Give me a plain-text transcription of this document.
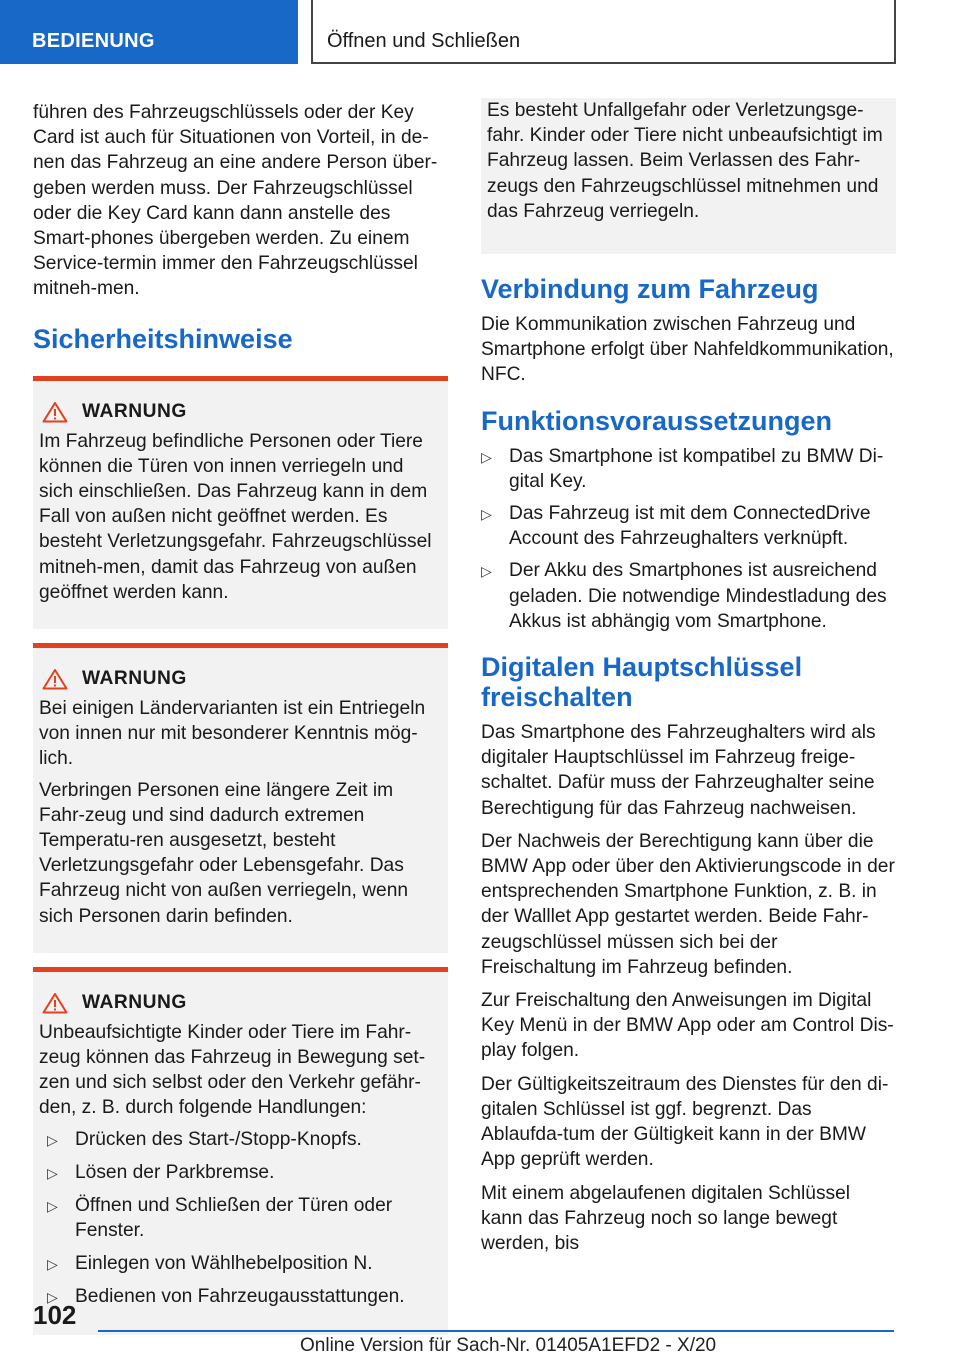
BEDIENUNG	Öffnen und Schließen

führen des Fahrzeugschlüssels oder der Key Card ist auch für Situationen von Vorteil, in de-nen das Fahrzeug an eine andere Person über-geben werden muss. Der Fahrzeugschlüssel oder die Key Card kann dann anstelle des Smart-phones übergeben werden. Zu einem Service-termin immer den Fahrzeugschlüssel mitneh-men.

Sicherheitshinweise
WARNUNG

Im Fahrzeug befindliche Personen oder Tiere können die Türen von innen verriegeln und sich einschließen. Das Fahrzeug kann in dem Fall von außen nicht geöffnet werden. Es besteht Verletzungsgefahr. Fahrzeugschlüssel mitneh-men, damit das Fahrzeug von außen geöffnet werden kann.

WARNUNG

Bei einigen Ländervarianten ist ein Entriegeln von innen nur mit besonderer Kenntnis mög-lich.

Verbringen Personen eine längere Zeit im Fahr-zeug und sind dadurch extremen Temperatu-ren ausgesetzt, besteht Verletzungsgefahr oder Lebensgefahr. Das Fahrzeug nicht von außen verriegeln, wenn sich Personen darin befinden.

WARNUNG

Unbeaufsichtigte Kinder oder Tiere im Fahr-zeug können das Fahrzeug in Bewegung set-zen und sich selbst oder den Verkehr gefähr-den, z. B. durch folgende Handlungen:

▷ Drücken des Start-/Stopp-Knopfs.
▷ Lösen der Parkbremse.
▷ Öffnen und Schließen der Türen oder Fenster.
▷ Einlegen von Wählhebelposition N.
▷ Bedienen von Fahrzeugausstattungen.

Es besteht Unfallgefahr oder Verletzungsge-fahr. Kinder oder Tiere nicht unbeaufsichtigt im Fahrzeug lassen. Beim Verlassen des Fahr-zeugs den Fahrzeugschlüssel mitnehmen und das Fahrzeug verriegeln.

Verbindung zum Fahrzeug

Die Kommunikation zwischen Fahrzeug und Smartphone erfolgt über Nahfeldkommunikation, NFC.

Funktionsvoraussetzungen
▷ Das Smartphone ist kompatibel zu BMW Di-gital Key.
▷ Das Fahrzeug ist mit dem ConnectedDrive Account des Fahrzeughalters verknüpft.
▷ Der Akku des Smartphones ist ausreichend geladen. Die notwendige Mindestladung des Akkus ist abhängig vom Smartphone.
Digitalen Hauptschlüssel freischalten

Das Smartphone des Fahrzeughalters wird als digitaler Hauptschlüssel im Fahrzeug freige-schaltet. Dafür muss der Fahrzeughalter seine Berechtigung für das Fahrzeug nachweisen.

Der Nachweis der Berechtigung kann über die BMW App oder über den Aktivierungscode in der entsprechenden Smartphone Funktion, z. B. in der Walllet App gestartet werden. Beide Fahr-zeugschlüssel müssen sich bei der Freischaltung im Fahrzeug befinden.

Zur Freischaltung den Anweisungen im Digital Key Menü in der BMW App oder am Control Dis-play folgen.

Der Gültigkeitszeitraum des Dienstes für den di-gitalen Schlüssel ist ggf. begrenzt. Das Ablaufda-tum der Gültigkeit kann in der BMW App geprüft werden.

Mit einem abgelaufenen digitalen Schlüssel kann das Fahrzeug noch so lange bewegt werden, bis

102
Online Version für Sach-Nr. 01405A1EFD2 - X/20
